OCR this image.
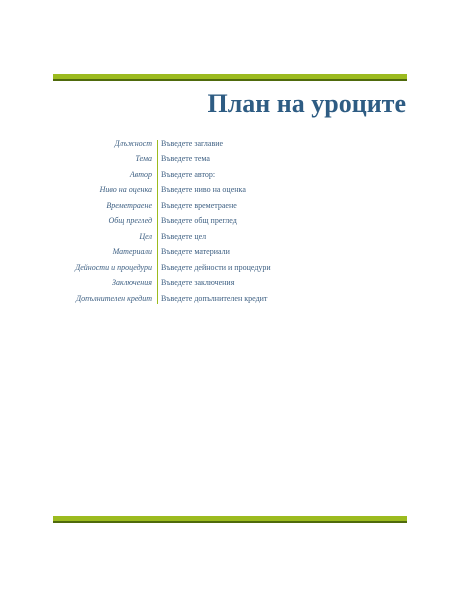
План на уроците
Длъжност Въведете заглавие
Тема Въведете тема
Автор Въведете автор:
Ниво на оценка Въведете ниво на оценка
Времетраене Въведете времетраене
Общ преглед Въведете общ преглед
Цел Въведете цел
Материали Въведете материали
Дейности и процедури Въведете дейности и процедури
Заключения Въведете заключения
Допълнителен кредит Въведете допълнителен кредит
